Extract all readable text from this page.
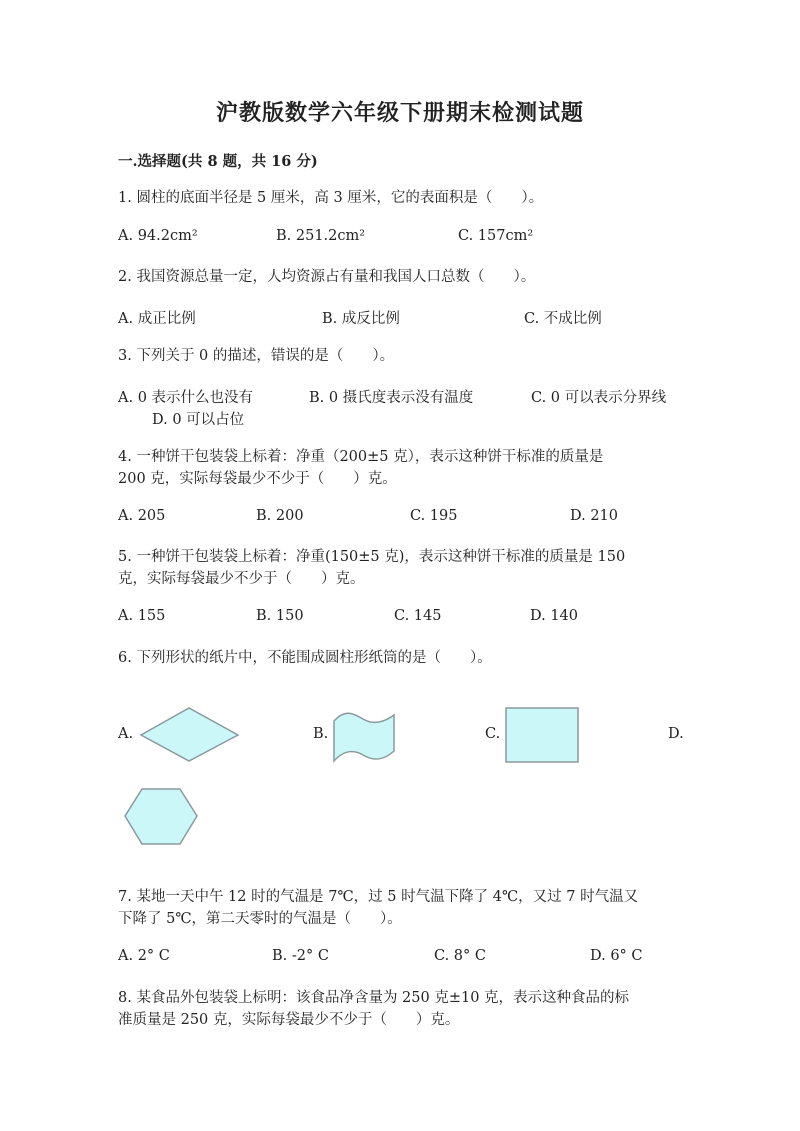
沪教版数学六年级下册期末检测试题
一.选择题(共 8 题，共 16 分)
1. 圆柱的底面半径是 5 厘米，高 3 厘米，它的表面积是（　　）。
A. 94.2cm²	B. 251.2cm²	C. 157cm²
2. 我国资源总量一定，人均资源占有量和我国人口总数（　　）。
A. 成正比例	B. 成反比例	C. 不成比例
3. 下列关于 0 的描述，错误的是（　　）。
A. 0 表示什么也没有	B. 0 摄氏度表示没有温度	C. 0 可以表示分界线
D. 0 可以占位
4. 一种饼干包装袋上标着：净重（200±5 克），表示这种饼干标准的质量是
200 克，实际每袋最少不少于（　　）克。
A. 205	B. 200	C. 195	D. 210
5. 一种饼干包装袋上标着：净重(150±5 克)，表示这种饼干标准的质量是 150
克，实际每袋最少不少于（　　）克。
A. 155	B. 150	C. 145	D. 140
6. 下列形状的纸片中，不能围成圆柱形纸筒的是（　　）。
A.	B.	C.	D.
7. 某地一天中午 12 时的气温是 7℃，过 5 时气温下降了 4℃，又过 7 时气温又
下降了 5℃，第二天零时的气温是（　　）。
A. 2° C	B. -2° C	C. 8° C	D. 6° C
8. 某食品外包装袋上标明：该食品净含量为 250 克±10 克，表示这种食品的标
准质量是 250 克，实际每袋最少不少于（　　）克。
